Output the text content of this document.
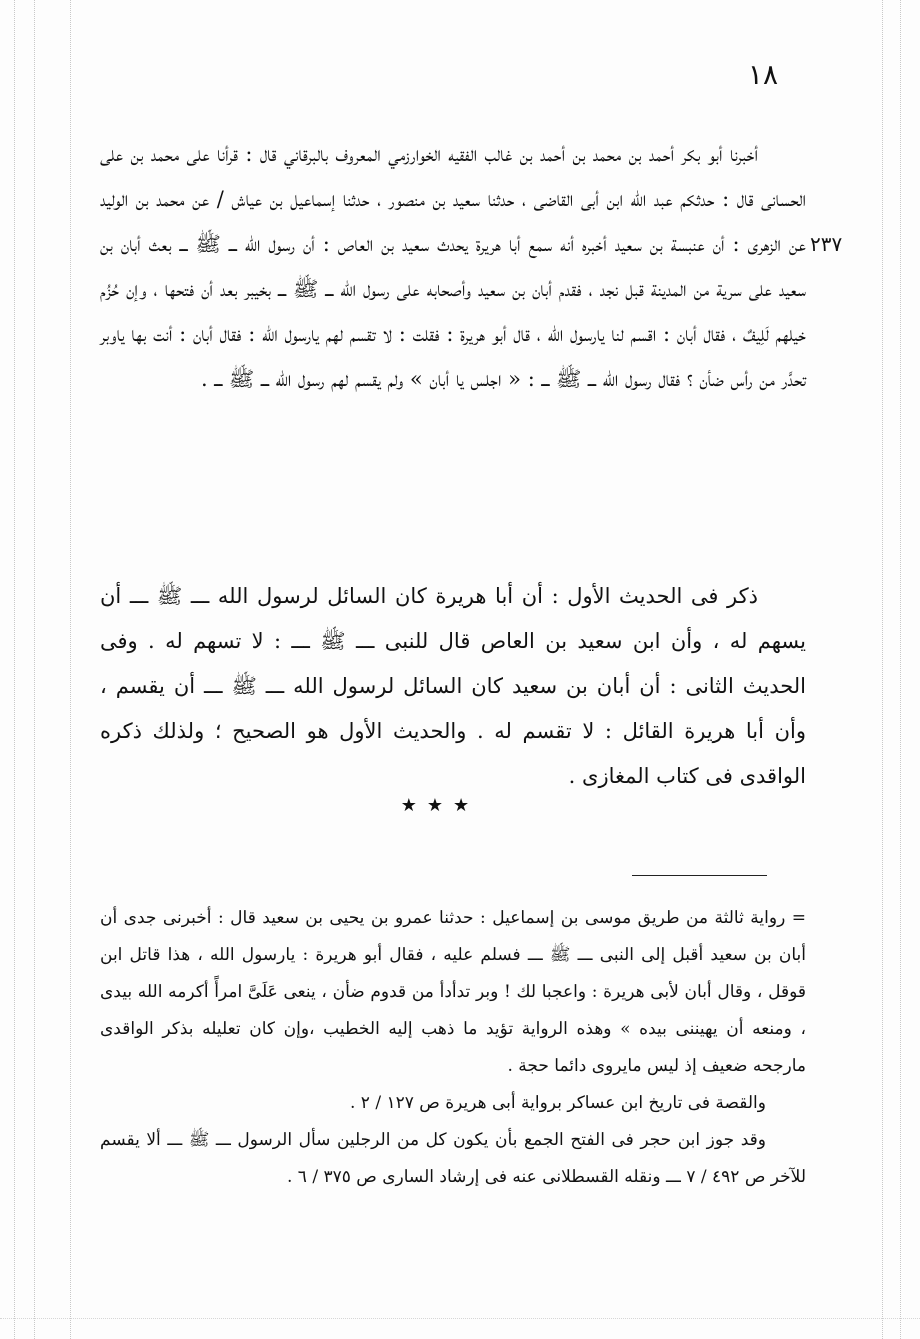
١٨
٢٣٧

أخبرنا أبو بكر أحمد بن محمد بن أحمد بن غالب الفقيه الخوارزمي المعروف بالبرقاني قال : قرأنا على محمد بن على الحسانى قال : حدثكم عبد الله ابن أبى القاضى ، حدثنا سعيد بن منصور ، حدثنا إسماعيل بن عياش / عن محمد بن الوليد عن الزهرى : أن عنبسة بن سعيد أخبره أنه سمع أبا هريرة يحدث سعيد بن العاص : أن رسول الله ـــ ﷺ ـــ بعث أبان بن سعيد على سرية من المدينة قبل نجد ، فقدم أبان بن سعيد وأصحابه على رسول الله ـــ ﷺ ـــ بخيبر بعد أن فتحها ، وإن حُزُم خيلهم لَلِيفٌ ، فقال أبان : اقسم لنا يارسول الله ، قال أبو هريرة : فقلت : لا تقسم لهم يارسول الله : فقال أبان : أنت بها ياوبر تحدَّر من رأس ضأن ؟ فقال رسول الله ـــ ﷺ ـــ : « اجلس يا أبان » ولم يقسم لهم رسول الله ـــ ﷺ ـــ .

ذكر فى الحديث الأول : أن أبا هريرة كان السائل لرسول الله ـــ ﷺ ـــ أن يسهم له ، وأن ابن سعيد بن العاص قال للنبى ـــ ﷺ ـــ : لا تسهم له . وفى الحديث الثانى : أن أبان بن سعيد كان السائل لرسول الله ـــ ﷺ ـــ أن يقسم ، وأن أبا هريرة القائل : لا تقسم له . والحديث الأول هو الصحيح ؛ ولذلك ذكره الواقدى فى كتاب المغازى .

★★★

= رواية ثالثة من طريق موسى بن إسماعيل : حدثنا عمرو بن يحيى بن سعيد قال : أخبرنى جدى أن أبان بن سعيد أقبل إلى النبى ـــ ﷺ ـــ فسلم عليه ، فقال أبو هريرة : يارسول الله ، هذا قاتل ابن قوقل ، وقال أبان لأبى هريرة : واعجبا لك ! وبر تدأدأ من قدوم ضأن ، ينعى عَلَىَّ امرأً أكرمه الله بيدى ، ومنعه أن يهيننى بيده » وهذه الرواية تؤيد ما ذهب إليه الخطيب ،وإن كان تعليله بذكر الواقدى مارجحه ضعيف إذ ليس مايروى دائما حجة .

والقصة فى تاريخ ابن عساكر برواية أبى هريرة ص ١٢٧ / ٢ .

وقد جوز ابن حجر فى الفتح الجمع بأن يكون كل من الرجلين سأل الرسول ـــ ﷺ ـــ ألا يقسم للآخر ص ٤٩٢ / ٧ ـــ ونقله القسطلانى عنه فى إرشاد السارى ص ٣٧٥ / ٦ .
